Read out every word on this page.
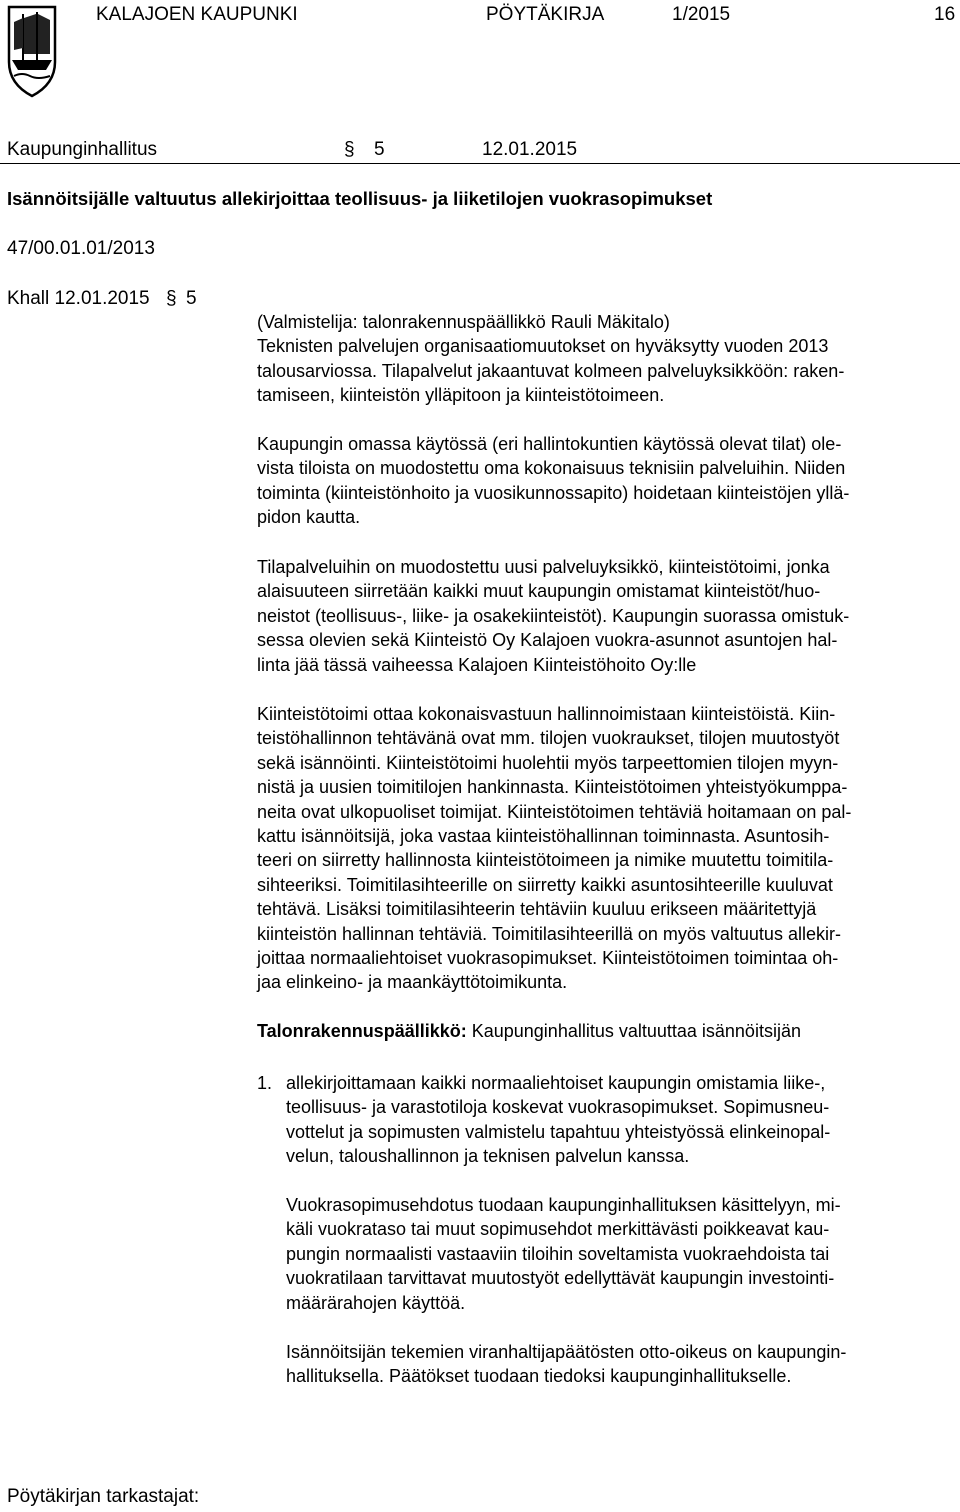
KALAJOEN KAUPUNKI	PÖYTÄKIRJA	1/2015	16
Kaupunginhallitus	§ 5	12.01.2015
Isännöitsijälle valtuutus allekirjoittaa teollisuus- ja liiketilojen vuokrasopimukset
47/00.01.01/2013
Khall 12.01.2015 § 5
(Valmistelija: talonrakennuspäällikkö Rauli Mäkitalo)
Teknisten palvelujen organisaatiomuutokset on hyväksytty vuoden 2013
talousarviossa. Tilapalvelut jakaantuvat kolmeen palveluyksikköön: raken-
tamiseen, kiinteistön ylläpitoon ja kiinteistötoimeen.
Kaupungin omassa käytössä (eri hallintokuntien käytössä olevat tilat) ole-
vista tiloista on muodostettu oma kokonaisuus teknisiin palveluihin. Niiden
toiminta (kiinteistönhoito ja vuosikunnossapito) hoidetaan kiinteistöjen yllä-
pidon kautta.
Tilapalveluihin on muodostettu uusi palveluyksikkö, kiinteistötoimi, jonka
alaisuuteen siirretään kaikki muut kaupungin omistamat kiinteistöt/huo-
neistot (teollisuus-, liike- ja osakekiinteistöt). Kaupungin suorassa omistuk-
sessa olevien sekä Kiinteistö Oy Kalajoen vuokra-asunnot asuntojen hal-
linta jää tässä vaiheessa Kalajoen Kiinteistöhoito Oy:lle
Kiinteistötoimi ottaa kokonaisvastuun hallinnoimistaan kiinteistöistä. Kiin-
teistöhallinnon tehtävänä ovat mm. tilojen vuokraukset, tilojen muutostyöt
sekä isännöinti. Kiinteistötoimi huolehtii myös tarpeettomien tilojen myyn-
nistä ja uusien toimitilojen hankinnasta. Kiinteistötoimen yhteistyökumppa-
neita ovat ulkopuoliset toimijat. Kiinteistötoimen tehtäviä hoitamaan on pal-
kattu isännöitsijä, joka vastaa kiinteistöhallinnan toiminnasta. Asuntosih-
teeri on siirretty hallinnosta kiinteistötoimeen ja nimike muutettu toimitila-
sihteeriksi. Toimitilasihteerille on siirretty kaikki asuntosihteerille kuuluvat
tehtävä. Lisäksi toimitilasihteerin tehtäviin kuuluu erikseen määritettyjä
kiinteistön hallinnan tehtäviä. Toimitilasihteerillä on myös valtuutus allekir-
joittaa normaaliehtoiset vuokrasopimukset. Kiinteistötoimen toimintaa oh-
jaa elinkeino- ja maankäyttötoimikunta.
Talonrakennuspäällikkö: Kaupunginhallitus valtuuttaa isännöitsijän
1. allekirjoittamaan kaikki normaaliehtoiset kaupungin omistamia liike-,
teollisuus- ja varastotiloja koskevat vuokrasopimukset. Sopimusneu-
vottelut ja sopimusten valmistelu tapahtuu yhteistyössä elinkeinopal-
velun, taloushallinnon ja teknisen palvelun kanssa.
Vuokrasopimusehdotus tuodaan kaupunginhallituksen käsittelyyn, mi-
käli vuokrataso tai muut sopimusehdot merkittävästi poikkeavat kau-
pungin normaalisti vastaaviin tiloihin soveltamista vuokraehdoista tai
vuokratilaan tarvittavat muutostyöt edellyttävät kaupungin investointi-
määrärahojen käyttöä.
Isännöitsijän tekemien viranhaltijapäätösten otto-oikeus on kaupungin-
hallituksella. Päätökset tuodaan tiedoksi kaupunginhallitukselle.
Pöytäkirjan tarkastajat:
